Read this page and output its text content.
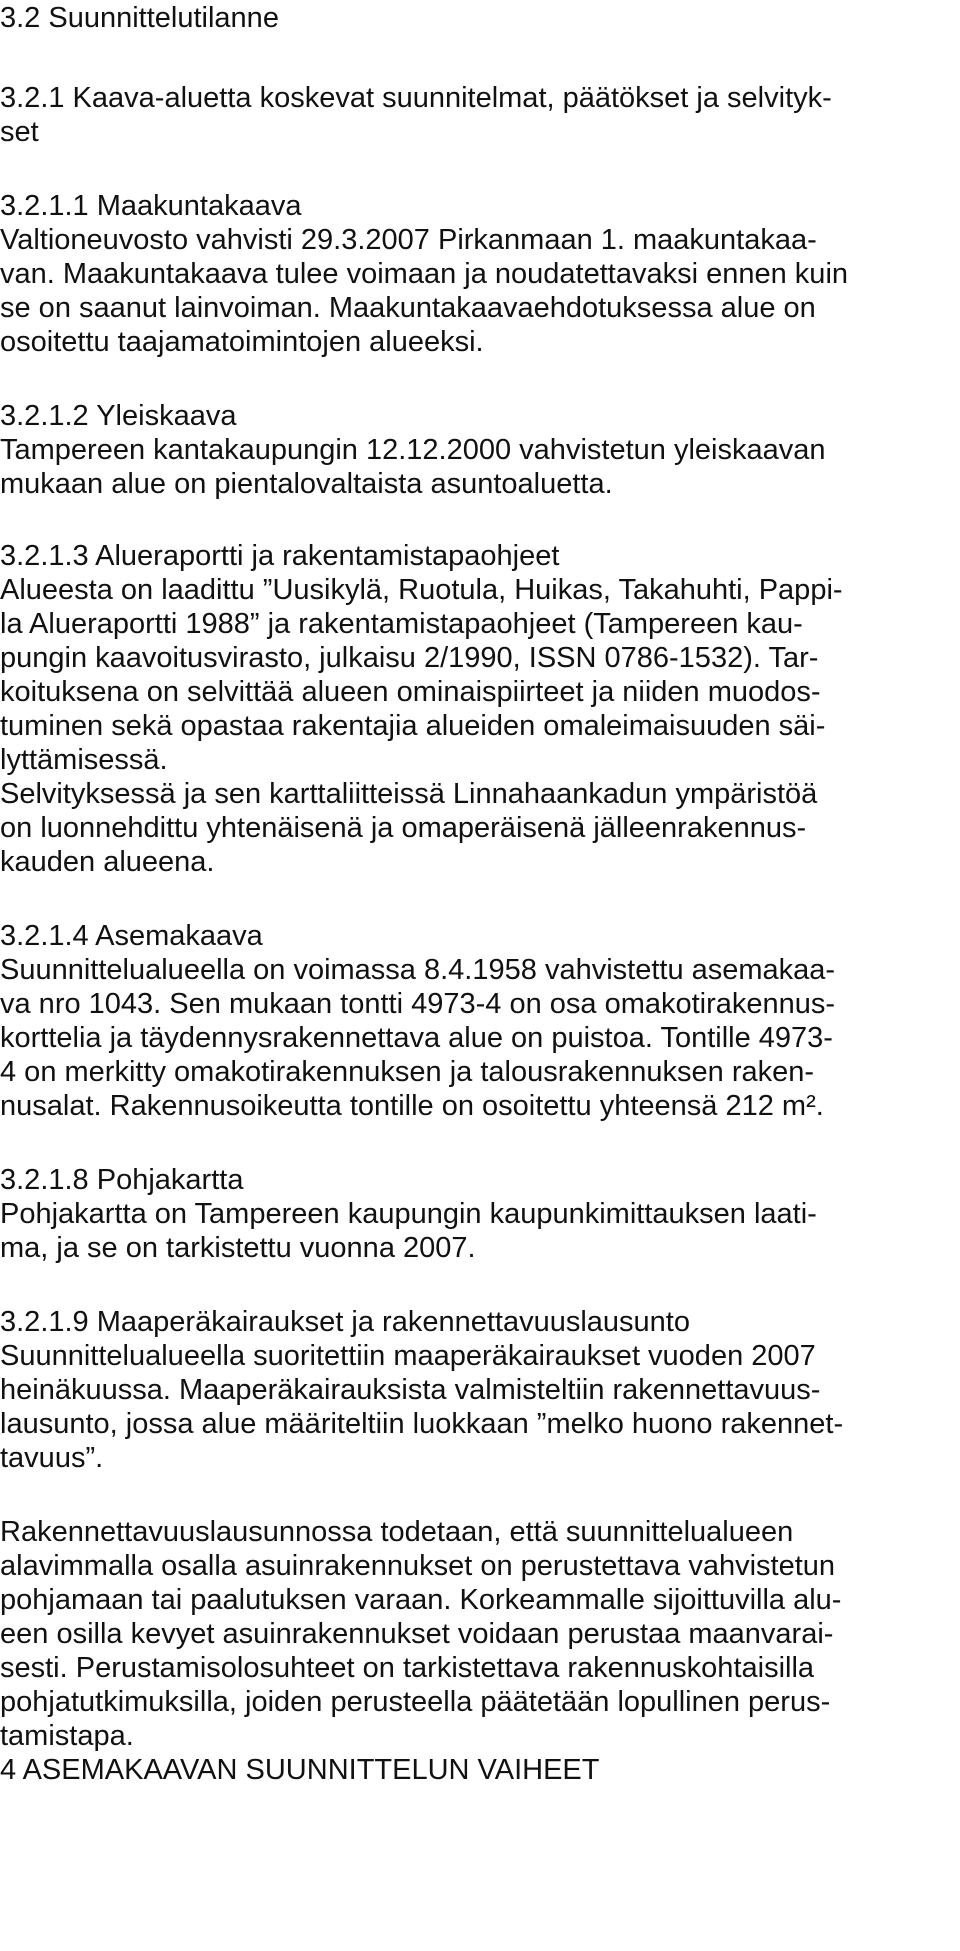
3.2 Suunnittelutilanne
3.2.1 Kaava-aluetta koskevat suunnitelmat, päätökset ja selvityk-
set
3.2.1.1 Maakuntakaava

Valtioneuvosto vahvisti 29.3.2007 Pirkanmaan 1. maakuntakaa-

van. Maakuntakaava tulee voimaan ja noudatettavaksi ennen kuin

se on saanut lainvoiman. Maakuntakaavaehdotuksessa alue on

osoitettu taajamatoimintojen alueeksi.

3.2.1.2 Yleiskaava

Tampereen kantakaupungin 12.12.2000 vahvistetun yleiskaavan

mukaan alue on pientalovaltaista asuntoaluetta.

3.2.1.3 Alueraportti ja rakentamistapaohjeet

Alueesta on laadittu ”Uusikylä, Ruotula, Huikas, Takahuhti, Pappi-

la Alueraportti 1988” ja rakentamistapaohjeet (Tampereen kau-

pungin kaavoitusvirasto, julkaisu 2/1990, ISSN 0786-1532). Tar-

koituksena on selvittää alueen ominaispiirteet ja niiden muodos-

tuminen sekä opastaa rakentajia alueiden omaleimaisuuden säi-

lyttämisessä.

Selvityksessä ja sen karttaliitteissä Linnahaankadun ympäristöä

on luonnehdittu yhtenäisenä ja omaperäisenä jälleenrakennus-

kauden alueena.

3.2.1.4 Asemakaava

Suunnittelualueella on voimassa 8.4.1958 vahvistettu asemakaa-

va nro 1043. Sen mukaan tontti 4973-4 on osa omakotirakennus-

korttelia ja täydennysrakennettava alue on puistoa. Tontille 4973-

4 on merkitty omakotirakennuksen ja talousrakennuksen raken-

nusalat. Rakennusoikeutta tontille on osoitettu yhteensä 212 m².

3.2.1.8 Pohjakartta

Pohjakartta on Tampereen kaupungin kaupunkimittauksen laati-

ma, ja se on tarkistettu vuonna 2007.

3.2.1.9 Maaperäkairaukset ja rakennettavuuslausunto

Suunnittelualueella suoritettiin maaperäkairaukset vuoden 2007

heinäkuussa. Maaperäkairauksista valmisteltiin rakennettavuus-

lausunto, jossa alue määriteltiin luokkaan ”melko huono rakennet-

tavuus”.

Rakennettavuuslausunnossa todetaan, että suunnittelualueen

alavimmalla osalla asuinrakennukset on perustettava vahvistetun

pohjamaan tai paalutuksen varaan. Korkeammalle sijoittuvilla alu-

een osilla kevyet asuinrakennukset voidaan perustaa maanvarai-

sesti. Perustamisolosuhteet on tarkistettava rakennuskohtaisilla

pohjatutkimuksilla, joiden perusteella päätetään lopullinen perus-

tamistapa.

4 ASEMAKAAVAN SUUNNITTELUN VAIHEET
